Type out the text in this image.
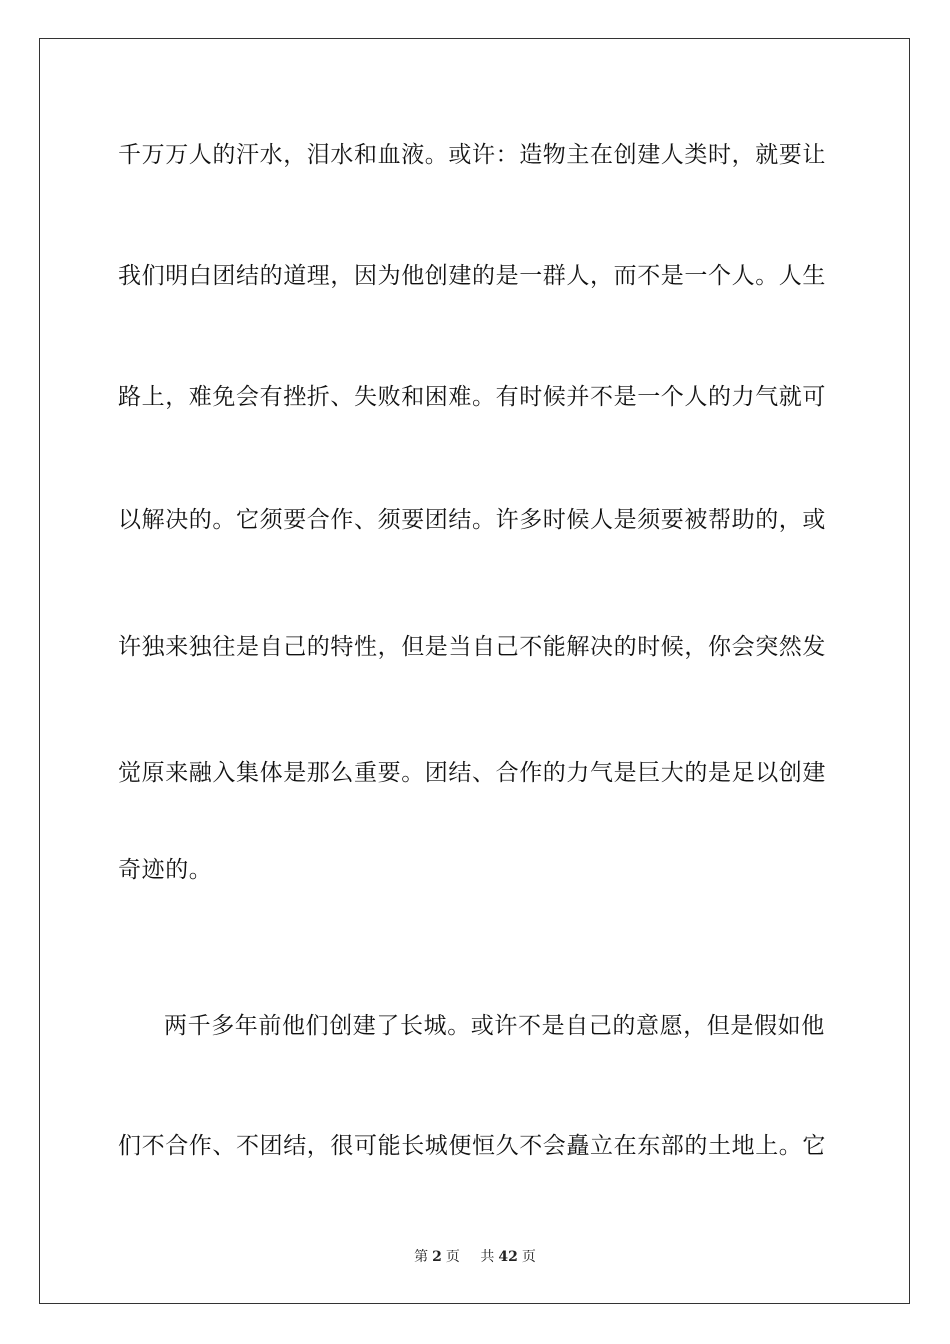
千万万人的汗水，泪水和血液。或许：造物主在创建人类时，就要让
我们明白团结的道理，因为他创建的是一群人，而不是一个人。人生
路上，难免会有挫折、失败和困难。有时候并不是一个人的力气就可
以解决的。它须要合作、须要团结。许多时候人是须要被帮助的，或
许独来独往是自己的特性，但是当自己不能解决的时候，你会突然发
觉原来融入集体是那么重要。团结、合作的力气是巨大的是足以创建
奇迹的。
两千多年前他们创建了长城。或许不是自己的意愿，但是假如他
们不合作、不团结，很可能长城便恒久不会矗立在东部的土地上。它
第 2 页 共 42 页
